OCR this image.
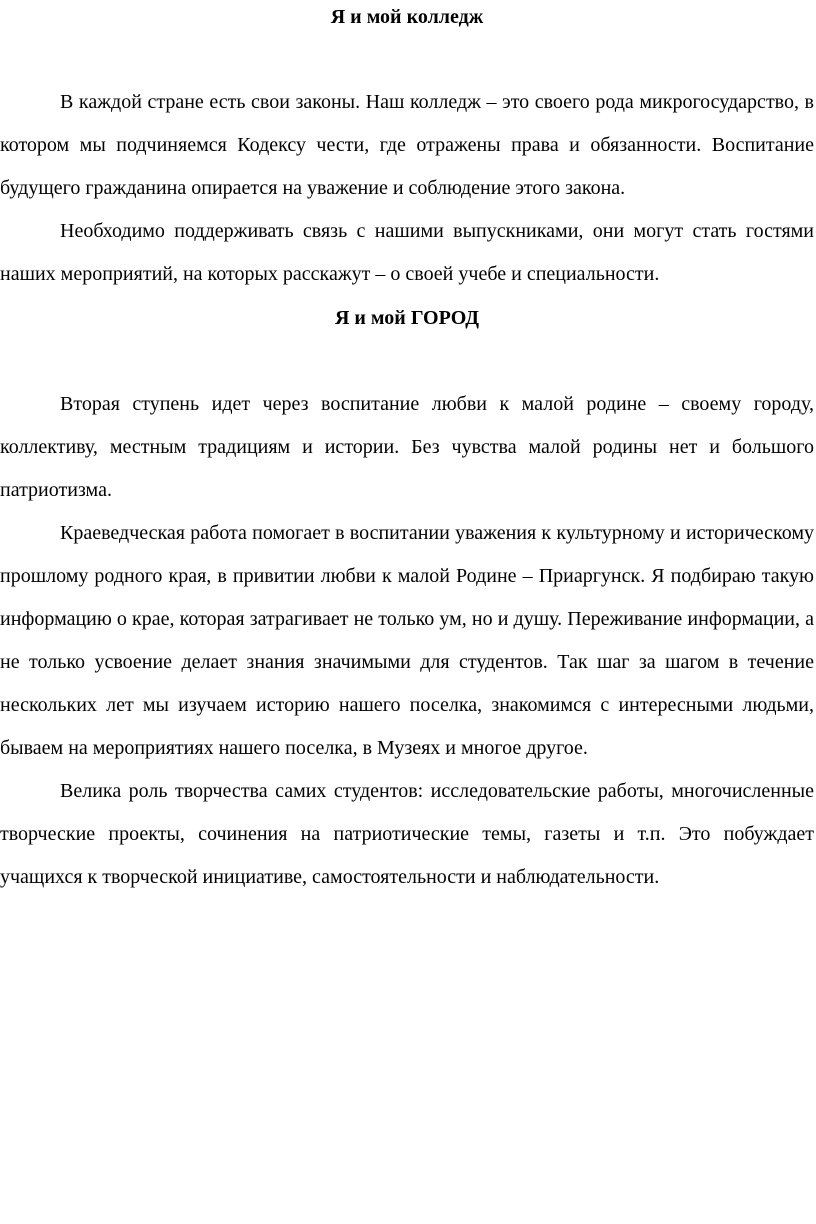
Я и мой колледж

В каждой стране есть свои законы. Наш колледж – это своего рода микрогосударство, в котором мы подчиняемся Кодексу чести, где отражены права и обязанности. Воспитание будущего гражданина опирается на уважение и соблюдение этого закона.

Необходимо поддерживать связь с нашими выпускниками, они могут стать гостями наших мероприятий, на которых расскажут – о своей учебе и специальности.

Я и мой ГОРОД

Вторая ступень идет через воспитание любви к малой родине – своему городу, коллективу, местным традициям и истории. Без чувства малой родины нет и большого патриотизма.

Краеведческая работа помогает в воспитании уважения к культурному и историческому прошлому родного края, в привитии любви к малой Родине – Приаргунск. Я подбираю такую информацию о крае, которая затрагивает не только ум, но и душу. Переживание информации, а не только усвоение делает знания значимыми для студентов. Так шаг за шагом в течение нескольких лет мы изучаем историю нашего поселка, знакомимся с интересными людьми, бываем на мероприятиях нашего поселка, в Музеях и многое другое.

Велика роль творчества самих студентов: исследовательские работы, многочисленные творческие проекты, сочинения на патриотические темы, газеты и т.п. Это побуждает учащихся к творческой инициативе, самостоятельности и наблюдательности.
